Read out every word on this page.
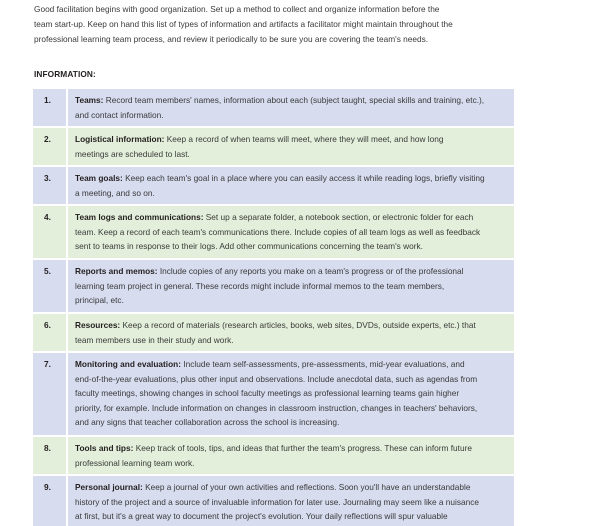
Good facilitation begins with good organization. Set up a method to collect and organize information before the
team start-up. Keep on hand this list of types of information and artifacts a facilitator might maintain throughout the
professional learning team process, and review it periodically to be sure you are covering the team's needs.
INFORMATION:
1.	Teams: Record team members' names, information about each (subject taught, special skills and training, etc.),
and contact information.
2.	Logistical information: Keep a record of when teams will meet, where they will meet, and how long
meetings are scheduled to last.
3.	Team goals: Keep each team's goal in a place where you can easily access it while reading logs, briefly visiting
a meeting, and so on.
4.	Team logs and communications: Set up a separate folder, a notebook section, or electronic folder for each
team. Keep a record of each team's communications there. Include copies of all team logs as well as feedback
sent to teams in response to their logs. Add other communications concerning the team's work.
5.	Reports and memos: Include copies of any reports you make on a team's progress or of the professional
learning team project in general. These records might include informal memos to the team members,
principal, etc.
6.	Resources: Keep a record of materials (research articles, books, web sites, DVDs, outside experts, etc.) that
team members use in their study and work.
7.	Monitoring and evaluation: Include team self-assessments, pre-assessments, mid-year evaluations, and
end-of-the-year evaluations, plus other input and observations. Include anecdotal data, such as agendas from
faculty meetings, showing changes in school faculty meetings as professional learning teams gain higher
priority, for example. Include information on changes in classroom instruction, changes in teachers' behaviors,
and any signs that teacher collaboration across the school is increasing.
8.	Tools and tips: Keep track of tools, tips, and ideas that further the team's progress. These can inform future
professional learning team work.
9.	Personal journal: Keep a journal of your own activities and reflections. Soon you'll have an understandable
history of the project and a source of invaluable information for later use. Journaling may seem like a nuisance
at first, but it's a great way to document the project's evolution. Your daily reflections will spur valuable
